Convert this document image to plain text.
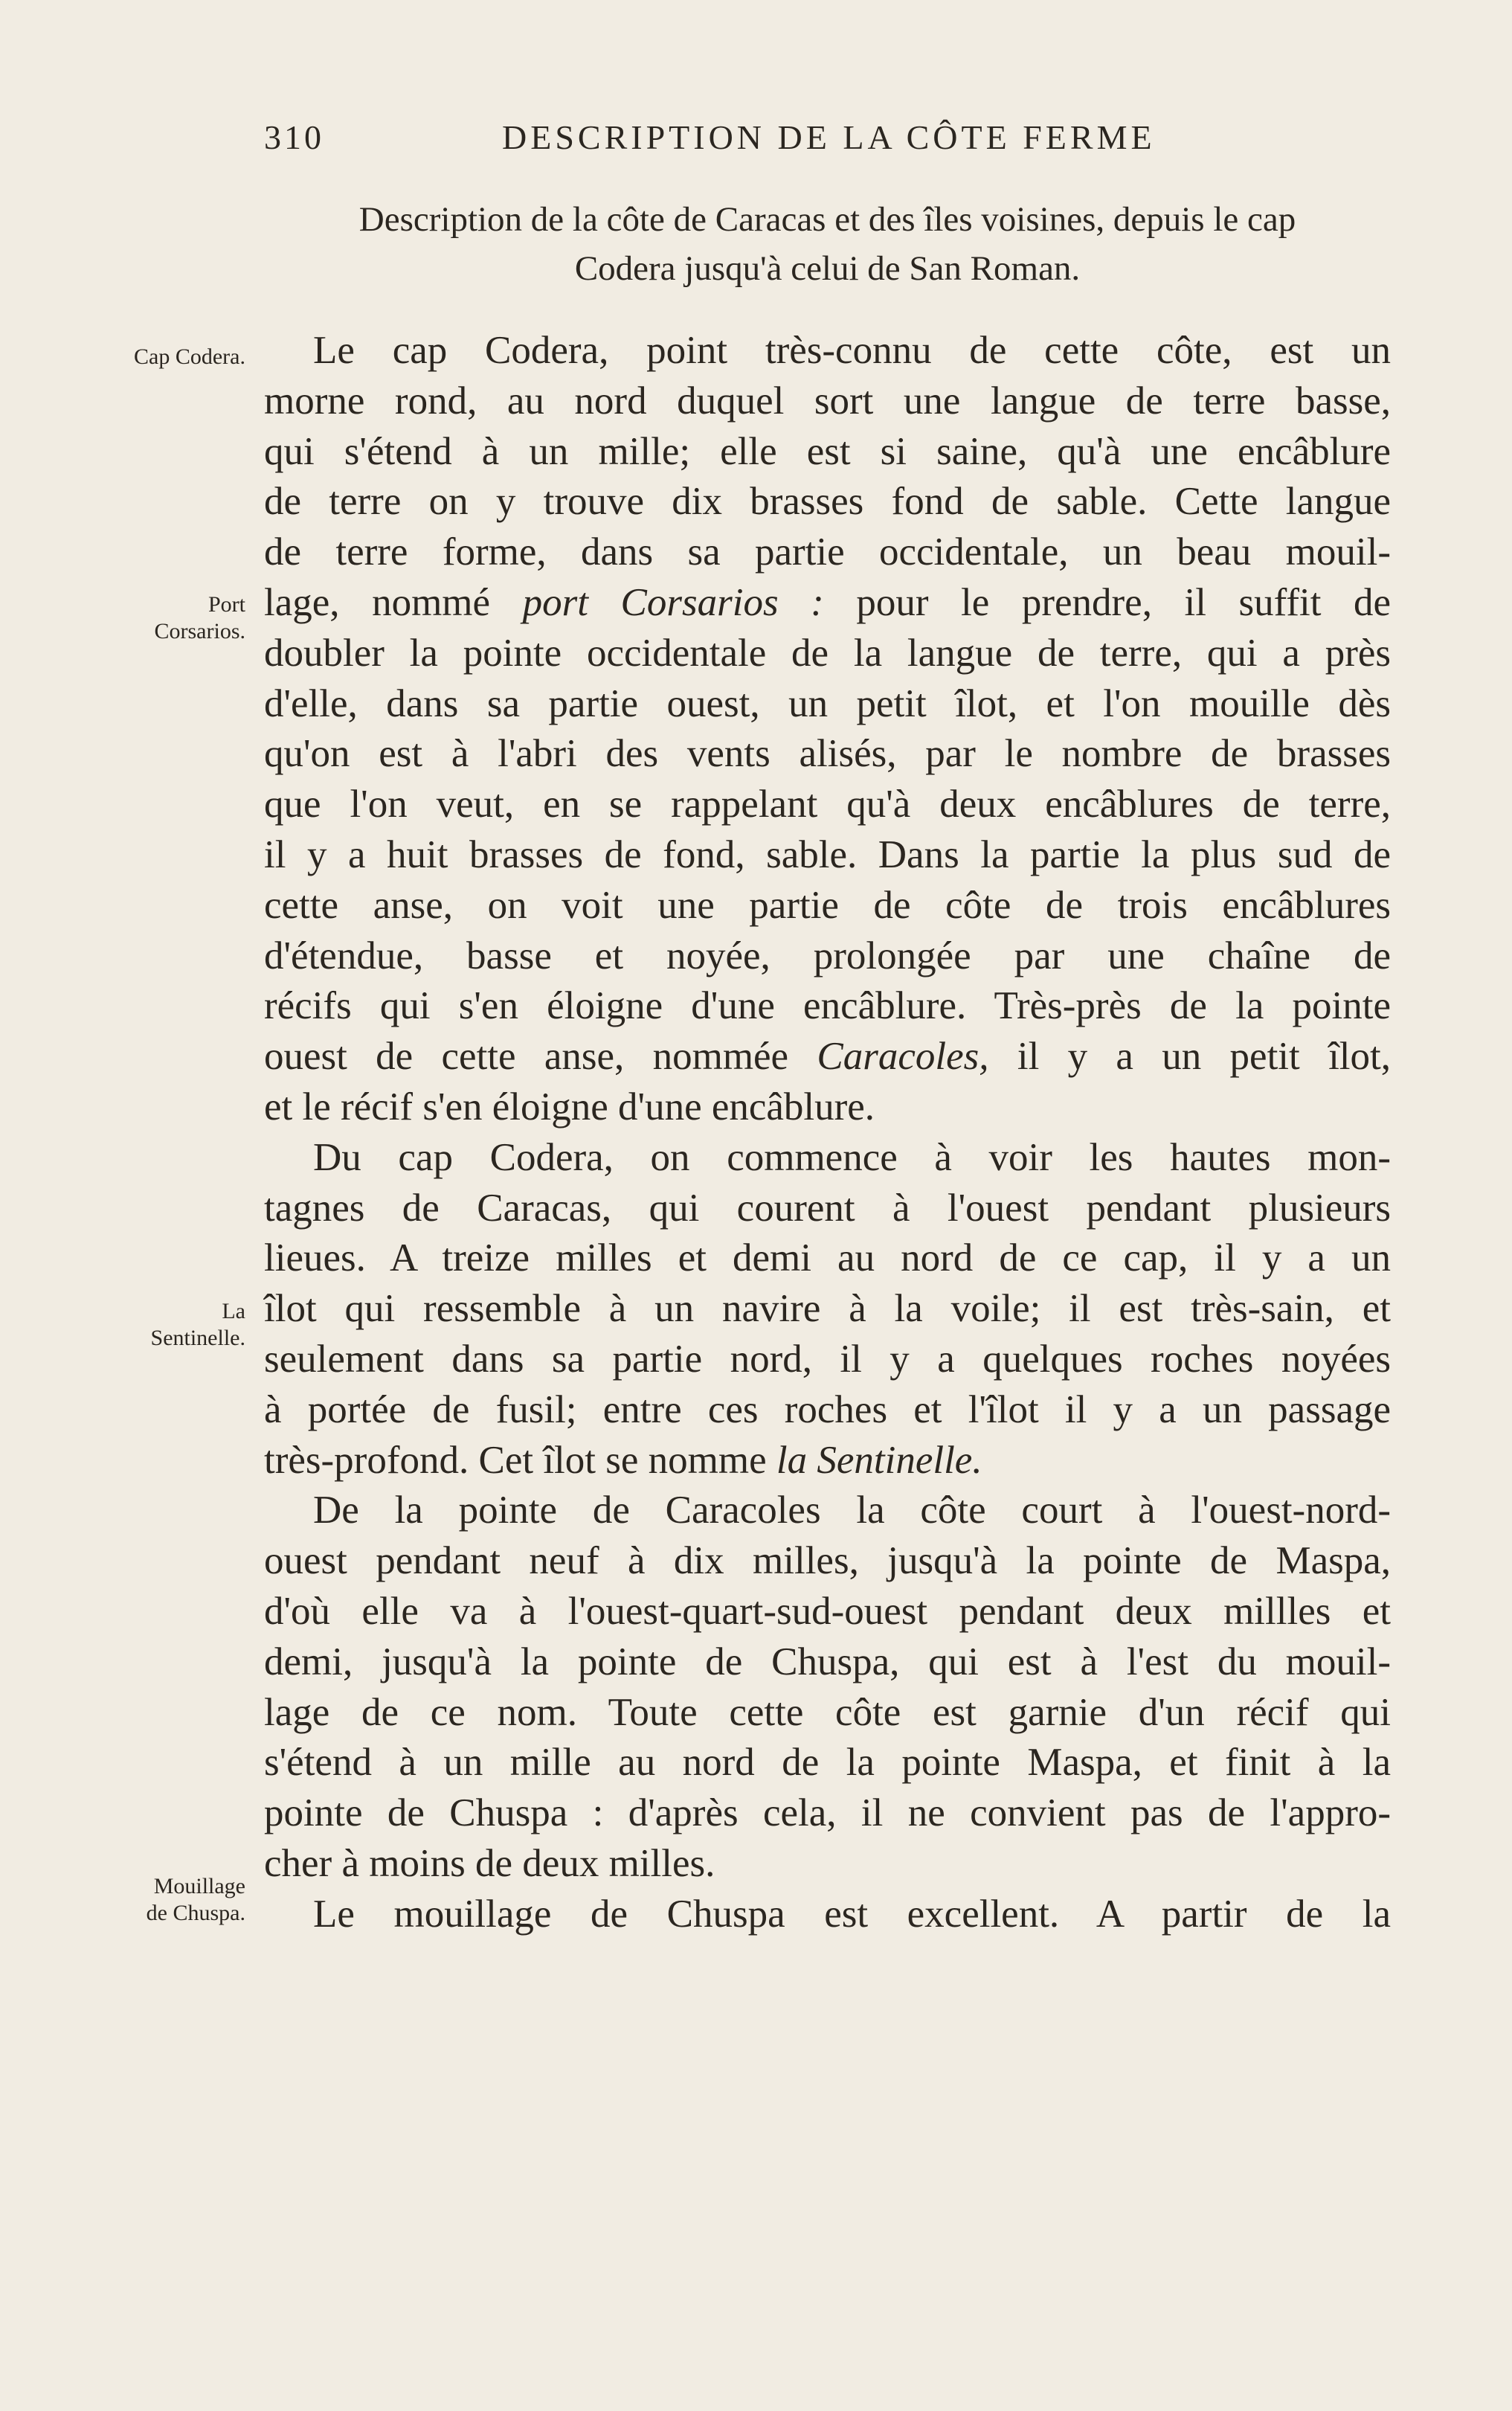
310	DESCRIPTION DE LA CÔTE FERME
Description de la côte de Caracas et des îles voisines, depuis le cap
Codera jusqu'à celui de San Roman.
Cap Codera.
Port
Corsarios.
La
Sentinelle.
Mouillage
de Chuspa.
Le cap Codera, point très-connu de cette côte, est un
morne rond, au nord duquel sort une langue de terre basse,
qui s'étend à un mille; elle est si saine, qu'à une encâblure
de terre on y trouve dix brasses fond de sable. Cette langue
de terre forme, dans sa partie occidentale, un beau mouil-
lage, nommé port Corsarios : pour le prendre, il suffit de
doubler la pointe occidentale de la langue de terre, qui a près
d'elle, dans sa partie ouest, un petit îlot, et l'on mouille dès
qu'on est à l'abri des vents alisés, par le nombre de brasses
que l'on veut, en se rappelant qu'à deux encâblures de terre,
il y a huit brasses de fond, sable. Dans la partie la plus sud de
cette anse, on voit une partie de côte de trois encâblures
d'étendue, basse et noyée, prolongée par une chaîne de
récifs qui s'en éloigne d'une encâblure. Très-près de la pointe
ouest de cette anse, nommée Caracoles, il y a un petit îlot,
et le récif s'en éloigne d'une encâblure.
Du cap Codera, on commence à voir les hautes mon-
tagnes de Caracas, qui courent à l'ouest pendant plusieurs
lieues. A treize milles et demi au nord de ce cap, il y a un
îlot qui ressemble à un navire à la voile; il est très-sain, et
seulement dans sa partie nord, il y a quelques roches noyées
à portée de fusil; entre ces roches et l'îlot il y a un passage
très-profond. Cet îlot se nomme la Sentinelle.
De la pointe de Caracoles la côte court à l'ouest-nord-
ouest pendant neuf à dix milles, jusqu'à la pointe de Maspa,
d'où elle va à l'ouest-quart-sud-ouest pendant deux millles et
demi, jusqu'à la pointe de Chuspa, qui est à l'est du mouil-
lage de ce nom. Toute cette côte est garnie d'un récif qui
s'étend à un mille au nord de la pointe Maspa, et finit à la
pointe de Chuspa : d'après cela, il ne convient pas de l'appro-
cher à moins de deux milles.
Le mouillage de Chuspa est excellent. A partir de la
